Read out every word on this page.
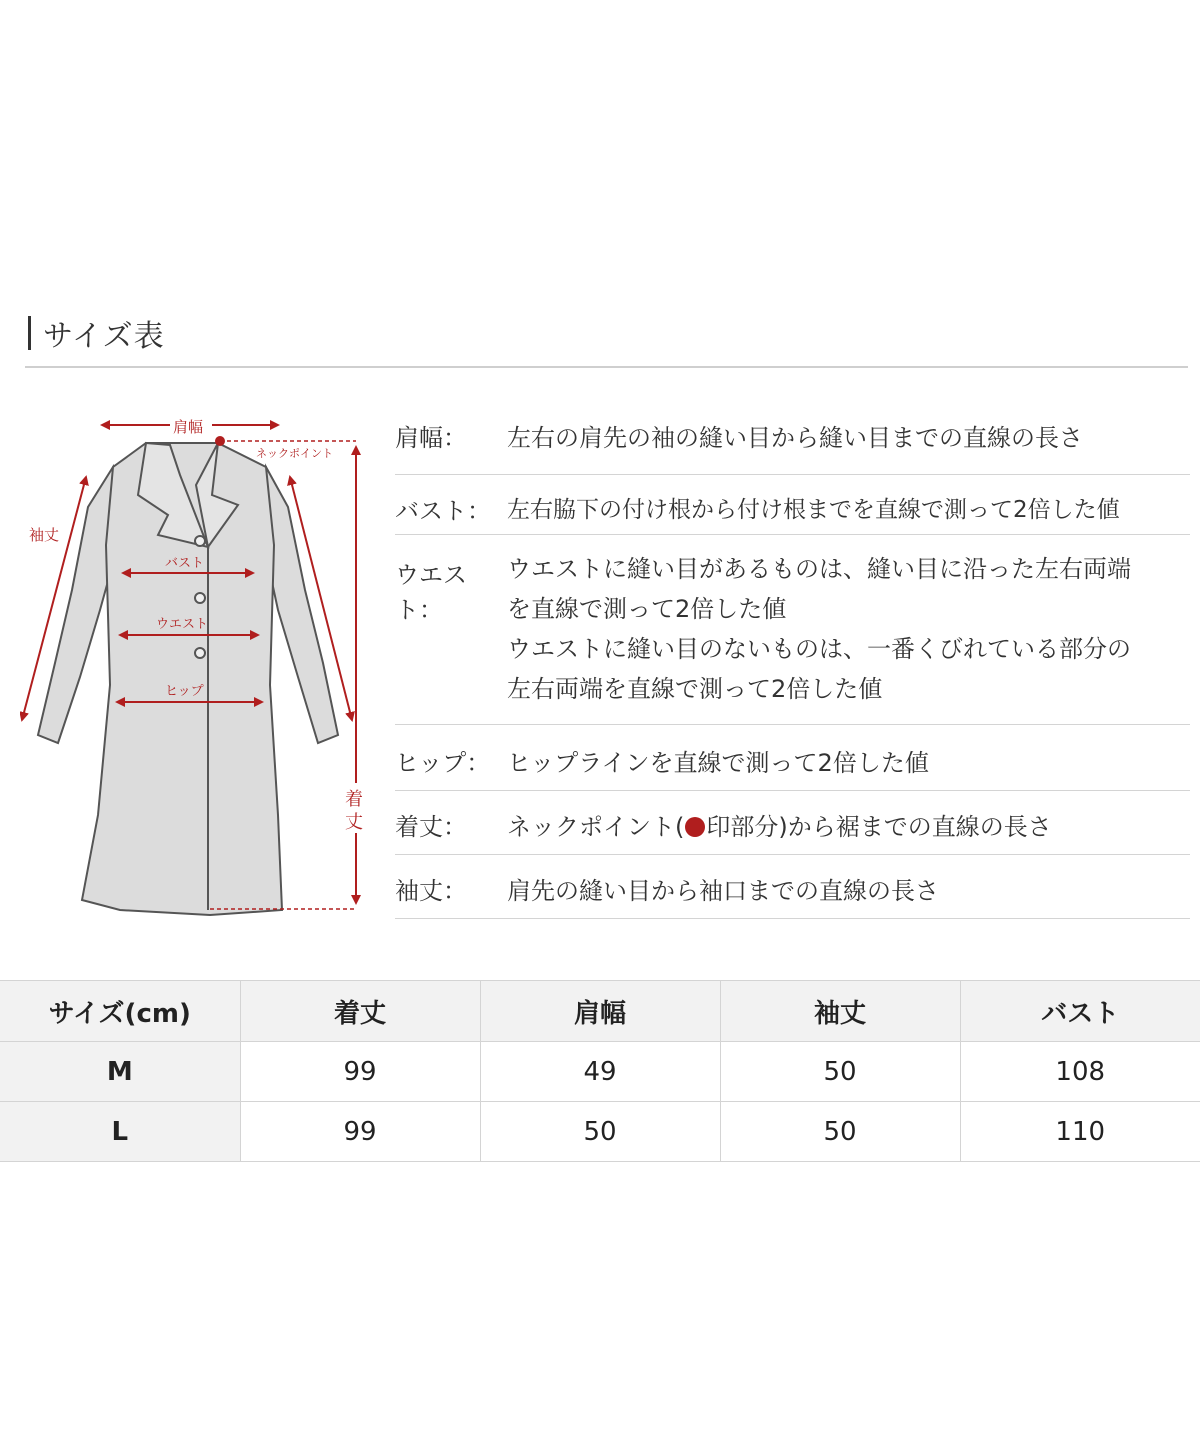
サイズ表
肩幅
ネックポイント
袖丈
バスト
ウエスト
ヒップ
着
丈
肩幅：	左右の肩先の袖の縫い目から縫い目までの直線の長さ
バスト： 左右脇下の付け根から付け根までを直線で測って2倍した値
ウエスト：
ウエストに縫い目があるものは、縫い目に沿った左右両端
を直線で測って2倍した値
ウエストに縫い目のないものは、一番くびれている部分の
左右両端を直線で測って2倍した値
ヒップ： ヒップラインを直線で測って2倍した値
着丈：	ネックポイント( 印部分)から裾までの直線の長さ
袖丈：	肩先の縫い目から袖口までの直線の長さ
サイズ(cm)	着丈	肩幅	袖丈	バスト
M	99	49	50	108
L	99	50	50	110
